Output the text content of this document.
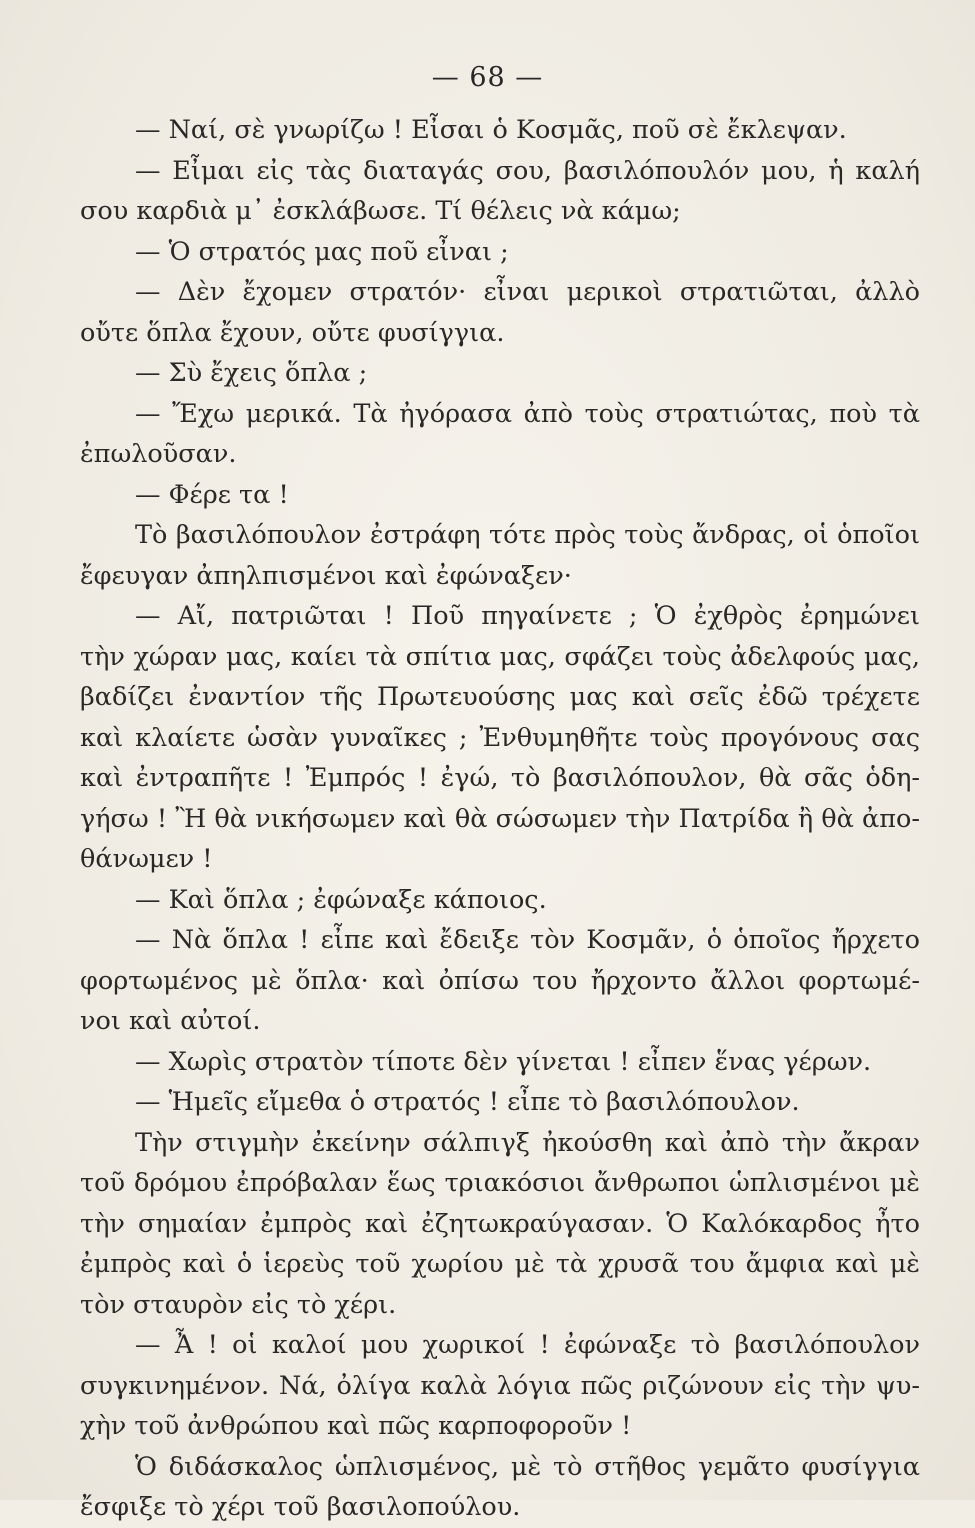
— 68 —
— Ναί, σὲ γνωρίζω ! Εἶσαι ὁ Κοσμᾶς, ποῦ σὲ ἔκλεψαν.
— Εἶμαι εἰς τὰς διαταγάς σου, βασιλόπουλόν μου, ἡ καλή
σου καρδιὰ μ᾽ ἐσκλάβωσε. Τί θέλεις νὰ κάμω;
— Ὁ στρατός μας ποῦ εἶναι ;
— Δὲν ἔχομεν στρατόν· εἶναι μερικοὶ στρατιῶται, ἀλλὸ
οὔτε ὅπλα ἔχουν, οὔτε φυσίγγια.
— Σὺ ἔχεις ὅπλα ;
— Ἔχω μερικά. Τὰ ἠγόρασα ἀπὸ τοὺς στρατιώτας, ποὺ τὰ
ἐπωλοῦσαν.
— Φέρε τα !
Τὸ βασιλόπουλον ἐστράφη τότε πρὸς τοὺς ἄνδρας, οἱ ὁποῖοι
ἔφευγαν ἀπηλπισμένοι καὶ ἐφώναξεν·
— Αἴ, πατριῶται ! Ποῦ πηγαίνετε ; Ὁ ἐχθρὸς ἐρημώνει
τὴν χώραν μας, καίει τὰ σπίτια μας, σφάζει τοὺς ἀδελφούς μας,
βαδίζει ἐναντίον τῆς Πρωτευούσης μας καὶ σεῖς ἐδῶ τρέχετε
καὶ κλαίετε ὡσὰν γυναῖκες ; Ἐνθυμηθῆτε τοὺς προγόνους σας
καὶ ἐντραπῆτε ! Ἐμπρός ! ἐγώ, τὸ βασιλόπουλον, θὰ σᾶς ὁδη-
γήσω ! Ἢ θὰ νικήσωμεν καὶ θὰ σώσωμεν τὴν Πατρίδα ἢ θὰ ἀπο-
θάνωμεν !
— Καὶ ὅπλα ; ἐφώναξε κάποιος.
— Νὰ ὅπλα ! εἶπε καὶ ἔδειξε τὸν Κοσμᾶν, ὁ ὁποῖος ἤρχετο
φορτωμένος μὲ ὅπλα· καὶ ὀπίσω του ἤρχοντο ἄλλοι φορτωμέ-
νοι καὶ αὐτοί.
— Χωρὶς στρατὸν τίποτε δὲν γίνεται ! εἶπεν ἕνας γέρων.
— Ἡμεῖς εἴμεθα ὁ στρατός ! εἶπε τὸ βασιλόπουλον.
Τὴν στιγμὴν ἐκείνην σάλπιγξ ἠκούσθη καὶ ἀπὸ τὴν ἄκραν
τοῦ δρόμου ἐπρόβαλαν ἕως τριακόσιοι ἄνθρωποι ὡπλισμένοι μὲ
τὴν σημαίαν ἐμπρὸς καὶ ἐζητωκραύγασαν. Ὁ Καλόκαρδος ἦτο
ἐμπρὸς καὶ ὁ ἱερεὺς τοῦ χωρίου μὲ τὰ χρυσᾶ του ἄμφια καὶ μὲ
τὸν σταυρὸν εἰς τὸ χέρι.
— Ἆ ! οἱ καλοί μου χωρικοί ! ἐφώναξε τὸ βασιλόπουλον
συγκινημένον. Νά, ὀλίγα καλὰ λόγια πῶς ριζώνουν εἰς τὴν ψυ-
χὴν τοῦ ἀνθρώπου καὶ πῶς καρποφοροῦν !
Ὁ διδάσκαλος ὡπλισμένος, μὲ τὸ στῆθος γεμᾶτο φυσίγγια
ἔσφιξε τὸ χέρι τοῦ βασιλοπούλου.
